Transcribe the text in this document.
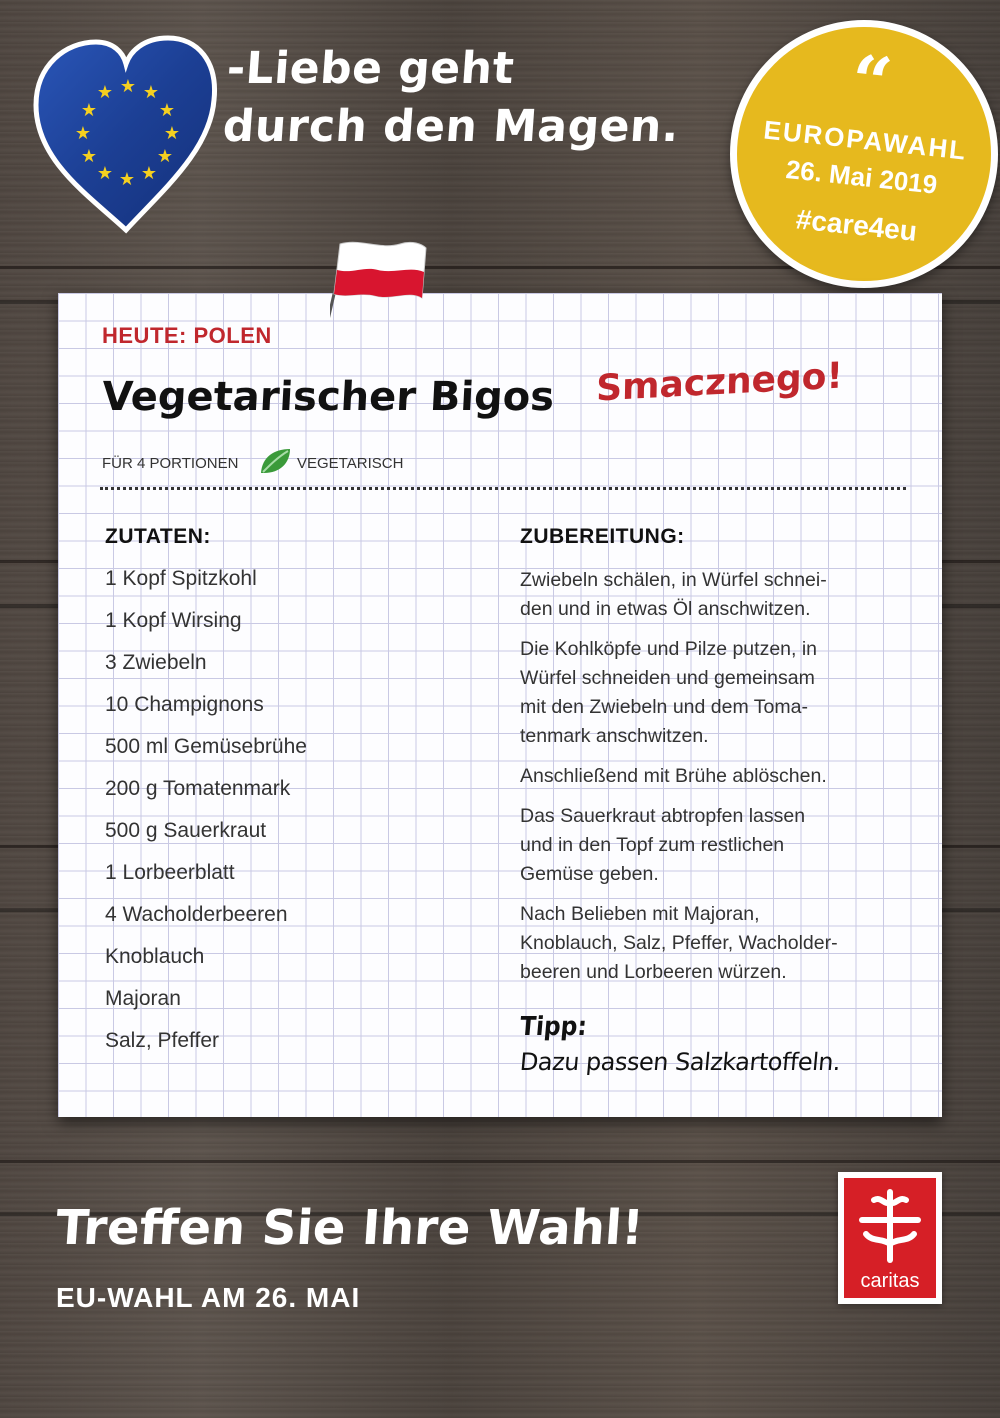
★ ★
★
★
★
★
★
★
★
★
★
★	-Liebe geht
durch den Magen.
“
EUROPAWAHL
26. Mai 2019
#care4eu
HEUTE: POLEN
Vegetarischer Bigos Smacznego!
FÜR 4 PORTIONEN	VEGETARISCH
ZUTATEN:	ZUBEREITUNG:
1 Kopf Spitzkohl
1 Kopf Wirsing
3 Zwiebeln
10 Champignons
500 ml Gemüsebrühe
200 g Tomatenmark
500 g Sauerkraut
1 Lorbeerblatt
4 Wacholderbeeren
Knoblauch
Majoran
Salz, Pfeffer

Zwiebeln schälen, in Würfel schnei-
den und in etwas Öl anschwitzen.

Die Kohlköpfe und Pilze putzen, in
Würfel schneiden und gemeinsam
mit den Zwiebeln und dem Toma-
tenmark anschwitzen.

Anschließend mit Brühe ablöschen.

Das Sauerkraut abtropfen lassen
und in den Topf zum restlichen
Gemüse geben.

Nach Belieben mit Majoran,
Knoblauch, Salz, Pfeffer, Wacholder-
beeren und Lorbeeren würzen.

Tipp:
Dazu passen Salzkartoffeln.
Treffen Sie Ihre Wahl!
EU-WAHL AM 26. MAI
caritas
